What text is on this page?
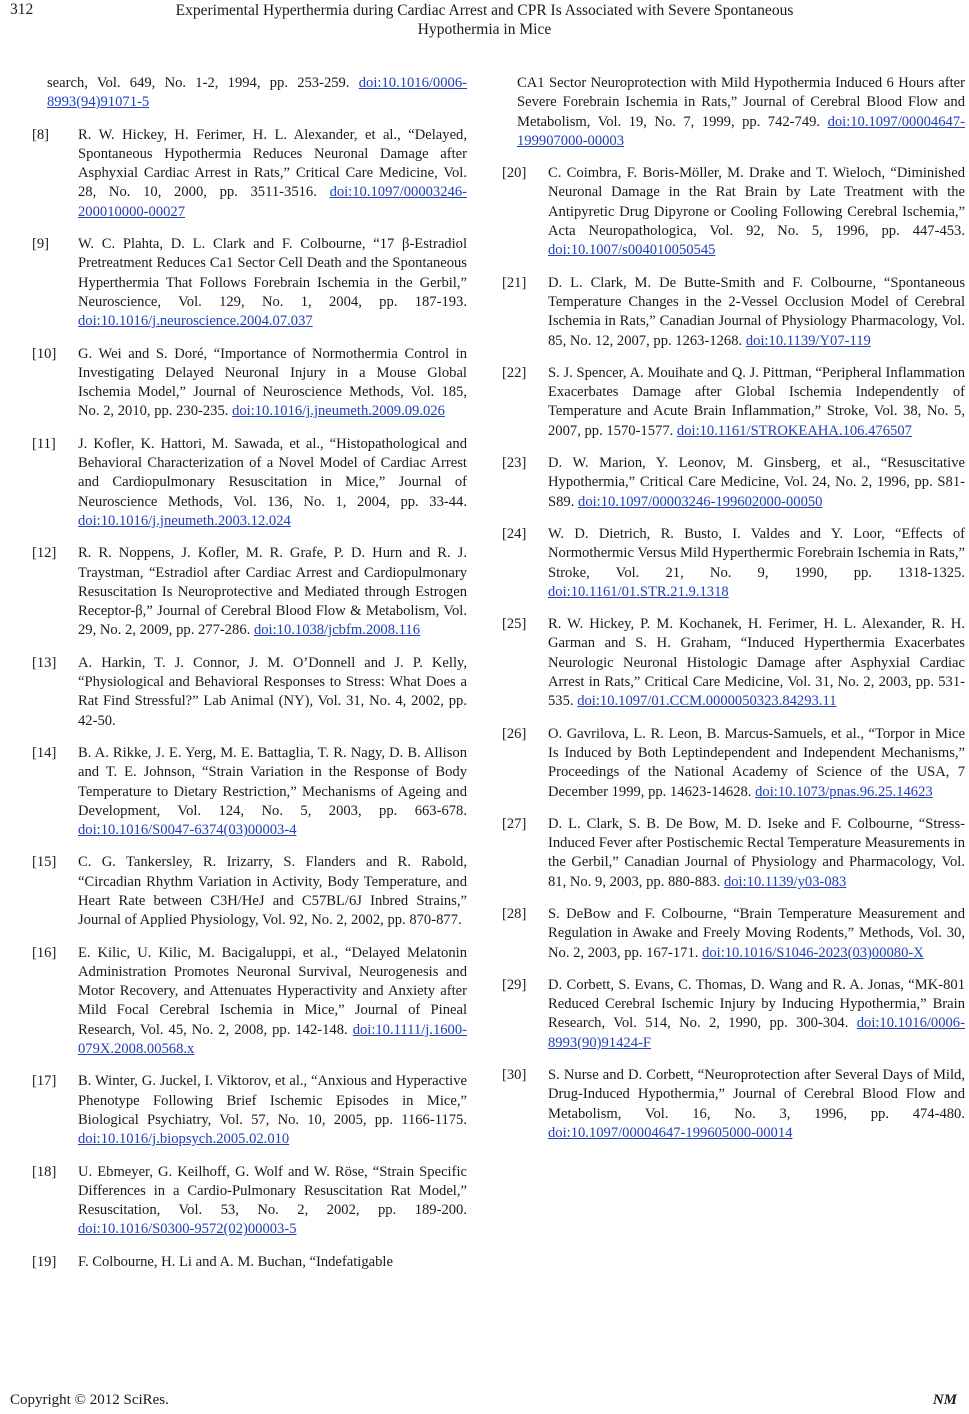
312	Experimental Hyperthermia during Cardiac Arrest and CPR Is Associated with Severe Spontaneous
Hypothermia in Mice
search, Vol. 649, No. 1-2, 1994, pp. 253-259. doi:10.1016/0006-8993(94)91071-5
[8] R. W. Hickey, H. Ferimer, H. L. Alexander, et al., “Delayed, Spontaneous Hypothermia Reduces Neuronal Damage after Asphyxial Cardiac Arrest in Rats,” Critical Care Medicine, Vol. 28, No. 10, 2000, pp. 3511-3516. doi:10.1097/00003246-200010000-00027
[9] W. C. Plahta, D. L. Clark and F. Colbourne, “17 β-Estradiol Pretreatment Reduces Ca1 Sector Cell Death and the Spontaneous Hyperthermia That Follows Forebrain Ischemia in the Gerbil,” Neuroscience, Vol. 129, No. 1, 2004, pp. 187-193. doi:10.1016/j.neuroscience.2004.07.037
[10] G. Wei and S. Doré, “Importance of Normothermia Control in Investigating Delayed Neuronal Injury in a Mouse Global Ischemia Model,” Journal of Neuroscience Methods, Vol. 185, No. 2, 2010, pp. 230-235. doi:10.1016/j.jneumeth.2009.09.026
[11] J. Kofler, K. Hattori, M. Sawada, et al., “Histopathological and Behavioral Characterization of a Novel Model of Cardiac Arrest and Cardiopulmonary Resuscitation in Mice,” Journal of Neuroscience Methods, Vol. 136, No. 1, 2004, pp. 33-44. doi:10.1016/j.jneumeth.2003.12.024
[12] R. R. Noppens, J. Kofler, M. R. Grafe, P. D. Hurn and R. J. Traystman, “Estradiol after Cardiac Arrest and Cardiopulmonary Resuscitation Is Neuroprotective and Mediated through Estrogen Receptor-β,” Journal of Cerebral Blood Flow & Metabolism, Vol. 29, No. 2, 2009, pp. 277-286. doi:10.1038/jcbfm.2008.116
[13] A. Harkin, T. J. Connor, J. M. O’Donnell and J. P. Kelly, “Physiological and Behavioral Responses to Stress: What Does a Rat Find Stressful?” Lab Animal (NY), Vol. 31, No. 4, 2002, pp. 42-50.
[14] B. A. Rikke, J. E. Yerg, M. E. Battaglia, T. R. Nagy, D. B. Allison and T. E. Johnson, “Strain Variation in the Response of Body Temperature to Dietary Restriction,” Mechanisms of Ageing and Development, Vol. 124, No. 5, 2003, pp. 663-678. doi:10.1016/S0047-6374(03)00003-4
[15] C. G. Tankersley, R. Irizarry, S. Flanders and R. Rabold, “Circadian Rhythm Variation in Activity, Body Temperature, and Heart Rate between C3H/HeJ and C57BL/6J Inbred Strains,” Journal of Applied Physiology, Vol. 92, No. 2, 2002, pp. 870-877.
[16] E. Kilic, U. Kilic, M. Bacigaluppi, et al., “Delayed Melatonin Administration Promotes Neuronal Survival, Neurogenesis and Motor Recovery, and Attenuates Hyperactivity and Anxiety after Mild Focal Cerebral Ischemia in Mice,” Journal of Pineal Research, Vol. 45, No. 2, 2008, pp. 142-148. doi:10.1111/j.1600-079X.2008.00568.x
[17] B. Winter, G. Juckel, I. Viktorov, et al., “Anxious and Hyperactive Phenotype Following Brief Ischemic Episodes in Mice,” Biological Psychiatry, Vol. 57, No. 10, 2005, pp. 1166-1175. doi:10.1016/j.biopsych.2005.02.010
[18] U. Ebmeyer, G. Keilhoff, G. Wolf and W. Röse, “Strain Specific Differences in a Cardio-Pulmonary Resuscitation Rat Model,” Resuscitation, Vol. 53, No. 2, 2002, pp. 189-200. doi:10.1016/S0300-9572(02)00003-5
[19] F. Colbourne, H. Li and A. M. Buchan, “Indefatigable
CA1 Sector Neuroprotection with Mild Hypothermia Induced 6 Hours after Severe Forebrain Ischemia in Rats,” Journal of Cerebral Blood Flow and Metabolism, Vol. 19, No. 7, 1999, pp. 742-749. doi:10.1097/00004647-199907000-00003
[20] C. Coimbra, F. Boris-Möller, M. Drake and T. Wieloch, “Diminished Neuronal Damage in the Rat Brain by Late Treatment with the Antipyretic Drug Dipyrone or Cooling Following Cerebral Ischemia,” Acta Neuropathologica, Vol. 92, No. 5, 1996, pp. 447-453. doi:10.1007/s004010050545
[21] D. L. Clark, M. De Butte-Smith and F. Colbourne, “Spontaneous Temperature Changes in the 2-Vessel Occlusion Model of Cerebral Ischemia in Rats,” Canadian Journal of Physiology Pharmacology, Vol. 85, No. 12, 2007, pp. 1263-1268. doi:10.1139/Y07-119
[22] S. J. Spencer, A. Mouihate and Q. J. Pittman, “Peripheral Inflammation Exacerbates Damage after Global Ischemia Independently of Temperature and Acute Brain Inflammation,” Stroke, Vol. 38, No. 5, 2007, pp. 1570-1577. doi:10.1161/STROKEAHA.106.476507
[23] D. W. Marion, Y. Leonov, M. Ginsberg, et al., “Resuscitative Hypothermia,” Critical Care Medicine, Vol. 24, No. 2, 1996, pp. S81-S89. doi:10.1097/00003246-199602000-00050
[24] W. D. Dietrich, R. Busto, I. Valdes and Y. Loor, “Effects of Normothermic Versus Mild Hyperthermic Forebrain Ischemia in Rats,” Stroke, Vol. 21, No. 9, 1990, pp. 1318-1325. doi:10.1161/01.STR.21.9.1318
[25] R. W. Hickey, P. M. Kochanek, H. Ferimer, H. L. Alexander, R. H. Garman and S. H. Graham, “Induced Hyperthermia Exacerbates Neurologic Neuronal Histologic Damage after Asphyxial Cardiac Arrest in Rats,” Critical Care Medicine, Vol. 31, No. 2, 2003, pp. 531-535. doi:10.1097/01.CCM.0000050323.84293.11
[26] O. Gavrilova, L. R. Leon, B. Marcus-Samuels, et al., “Torpor in Mice Is Induced by Both Leptindependent and Independent Mechanisms,” Proceedings of the National Academy of Science of the USA, 7 December 1999, pp. 14623-14628. doi:10.1073/pnas.96.25.14623
[27] D. L. Clark, S. B. De Bow, M. D. Iseke and F. Colbourne, “Stress-Induced Fever after Postischemic Rectal Temperature Measurements in the Gerbil,” Canadian Journal of Physiology and Pharmacology, Vol. 81, No. 9, 2003, pp. 880-883. doi:10.1139/y03-083
[28] S. DeBow and F. Colbourne, “Brain Temperature Measurement and Regulation in Awake and Freely Moving Rodents,” Methods, Vol. 30, No. 2, 2003, pp. 167-171. doi:10.1016/S1046-2023(03)00080-X
[29] D. Corbett, S. Evans, C. Thomas, D. Wang and R. A. Jonas, “MK-801 Reduced Cerebral Ischemic Injury by Inducing Hypothermia,” Brain Research, Vol. 514, No. 2, 1990, pp. 300-304. doi:10.1016/0006-8993(90)91424-F
[30] S. Nurse and D. Corbett, “Neuroprotection after Several Days of Mild, Drug-Induced Hypothermia,” Journal of Cerebral Blood Flow and Metabolism, Vol. 16, No. 3, 1996, pp. 474-480. doi:10.1097/00004647-199605000-00014
Copyright © 2012 SciRes.	NM
